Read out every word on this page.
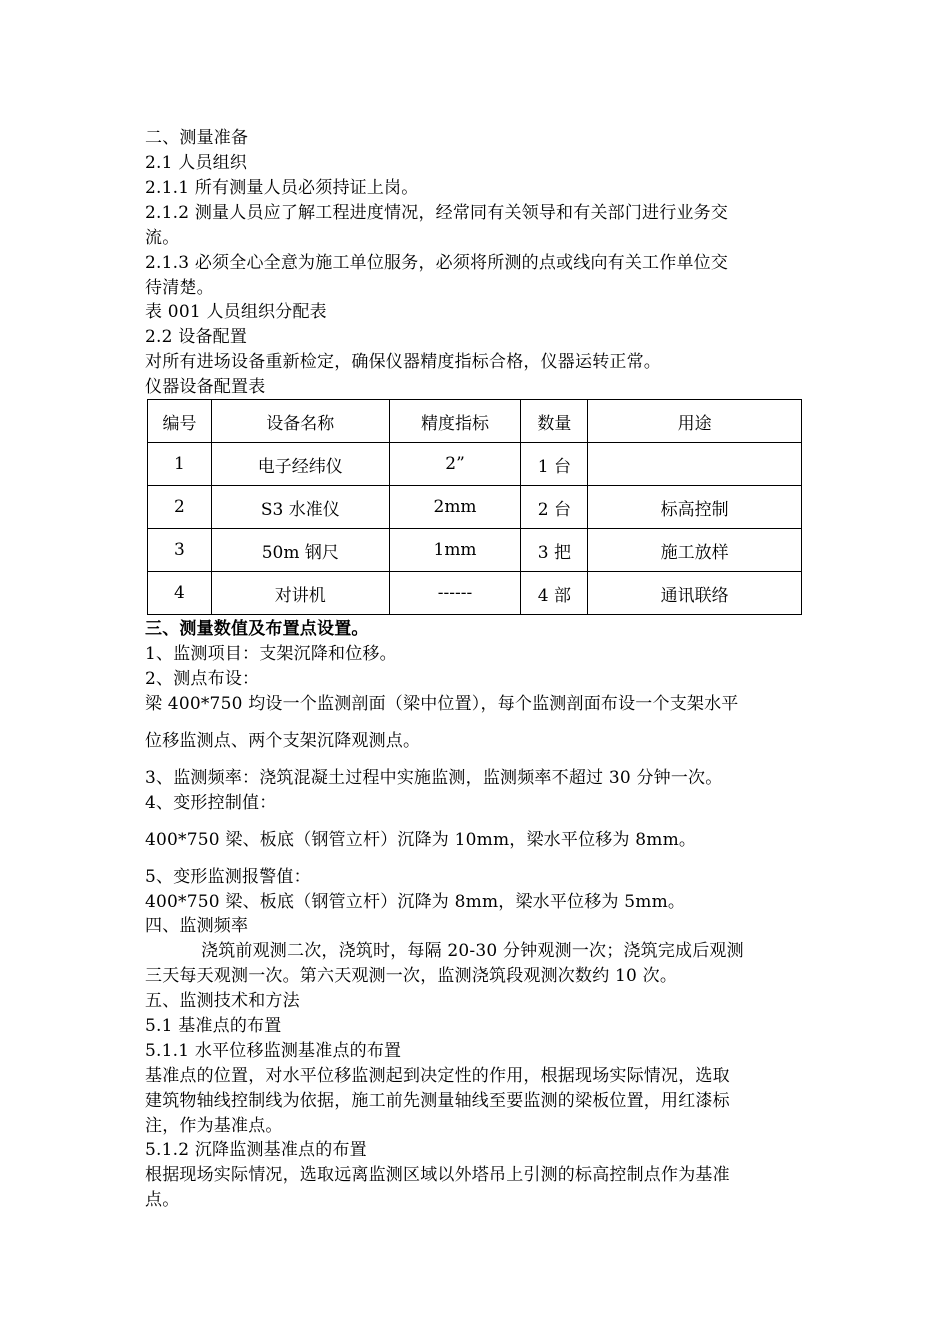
二、测量准备
2.1 人员组织
2.1.1 所有测量人员必须持证上岗。
2.1.2 测量人员应了解工程进度情况，经常同有关领导和有关部门进行业务交
流。
2.1.3 必须全心全意为施工单位服务，必须将所测的点或线向有关工作单位交
待清楚。
表 001 人员组织分配表
2.2 设备配置
对所有进场设备重新检定，确保仪器精度指标合格，仪器运转正常。
仪器设备配置表
编号	设备名称	精度指标	数量	用途
1	电子经纬仪	2”	1 台	
2	S3 水准仪	2mm	2 台	标高控制
3	50m 钢尺	1mm	3 把	施工放样
4	对讲机	------	4 部	通讯联络
三、测量数值及布置点设置。
1、监测项目：支架沉降和位移。
2、测点布设：
梁 400*750 均设一个监测剖面（梁中位置），每个监测剖面布设一个支架水平
位移监测点、两个支架沉降观测点。
3、监测频率：浇筑混凝土过程中实施监测，监测频率不超过 30 分钟一次。
4、变形控制值：
400*750 梁、板底（钢管立杆）沉降为 10mm，梁水平位移为 8mm。
5、变形监测报警值：
400*750 梁、板底（钢管立杆）沉降为 8mm，梁水平位移为 5mm。
四、监测频率
浇筑前观测二次，浇筑时，每隔 20-30 分钟观测一次；浇筑完成后观测
三天每天观测一次。第六天观测一次，监测浇筑段观测次数约 10 次。
五、监测技术和方法
5.1 基准点的布置
5.1.1 水平位移监测基准点的布置
基准点的位置，对水平位移监测起到决定性的作用，根据现场实际情况，选取
建筑物轴线控制线为依据，施工前先测量轴线至要监测的梁板位置，用红漆标
注，作为基准点。
5.1.2 沉降监测基准点的布置
根据现场实际情况，选取远离监测区域以外塔吊上引测的标高控制点作为基准
点。
